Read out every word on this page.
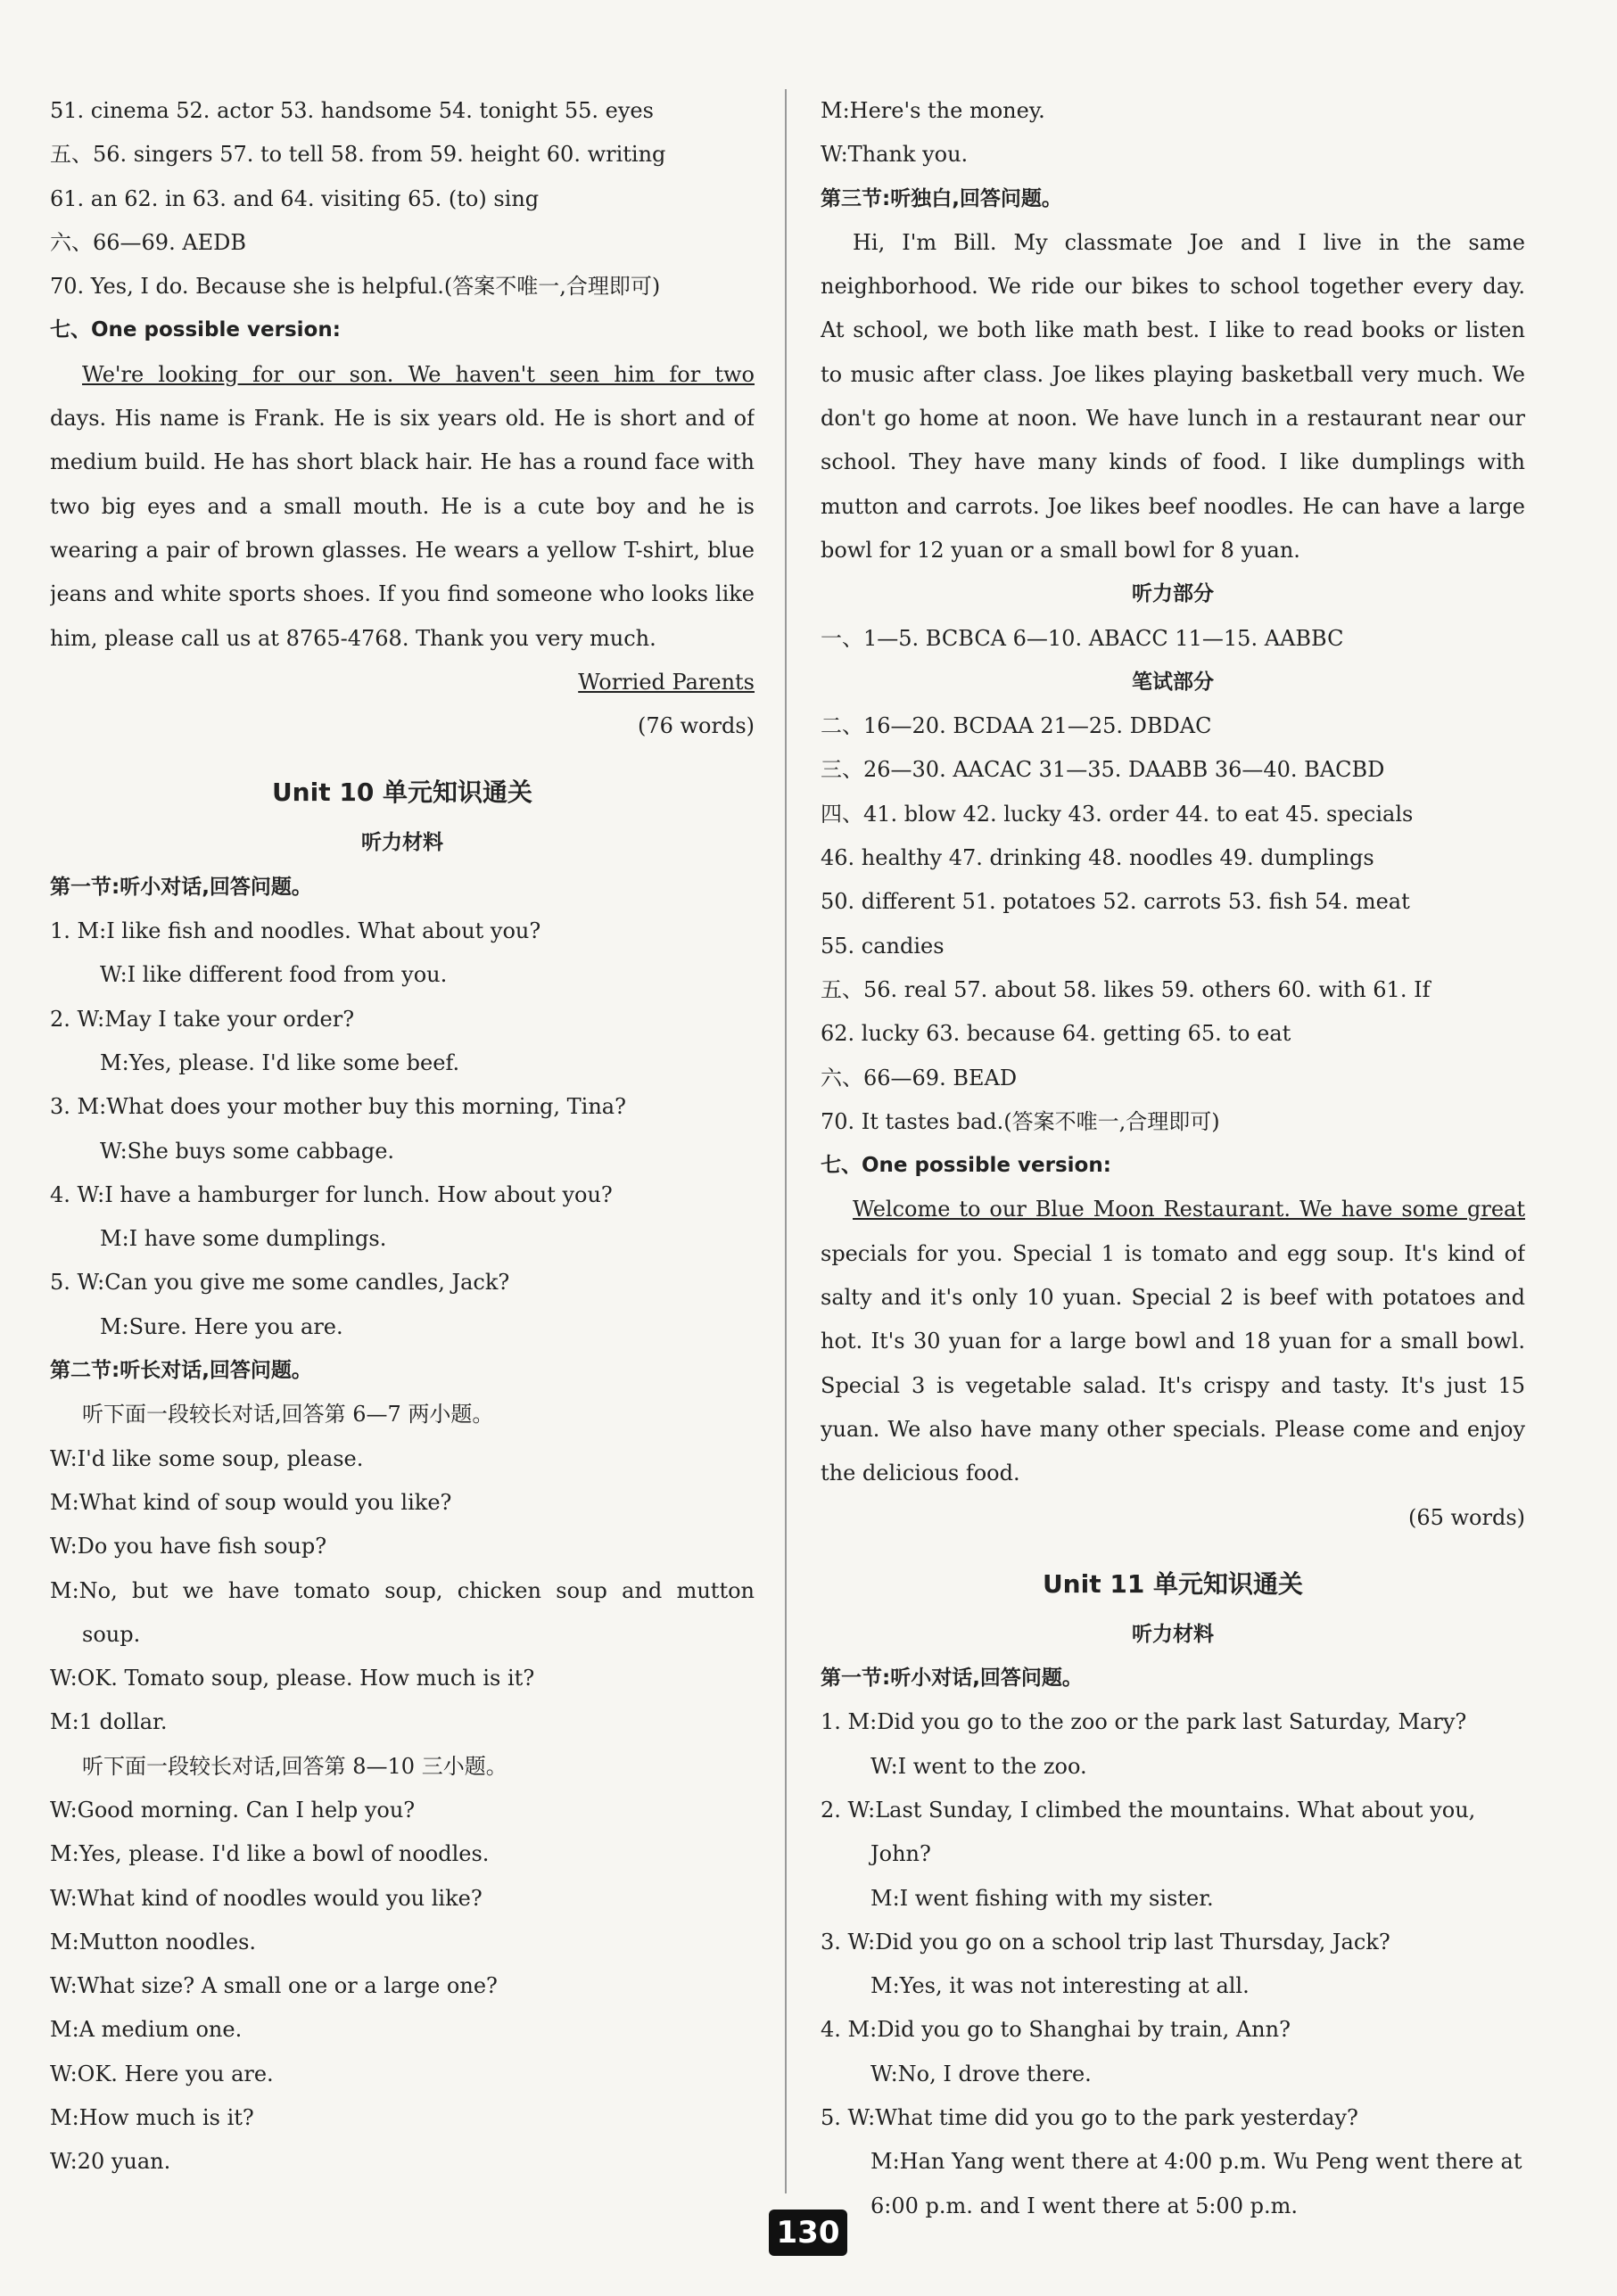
51. cinema 52. actor 53. handsome 54. tonight 55. eyes
五、56. singers 57. to tell 58. from 59. height 60. writing
61. an 62. in 63. and 64. visiting 65. (to) sing
六、66—69. AEDB
70. Yes, I do. Because she is helpful.(答案不唯一,合理即可)
七、One possible version:
We're looking for our son. We haven't seen him for two
days. His name is Frank. He is six years old. He is short and of
medium build. He has short black hair. He has a round face with
two big eyes and a small mouth. He is a cute boy and he is
wearing a pair of brown glasses. He wears a yellow T-shirt, blue
jeans and white sports shoes. If you find someone who looks like
him, please call us at 8765-4768. Thank you very much.
Worried Parents
(76 words)
Unit 10 单元知识通关
听力材料
第一节:听小对话,回答问题。
1. M:I like fish and noodles. What about you?
W:I like different food from you.
2. W:May I take your order?
M:Yes, please. I'd like some beef.
3. M:What does your mother buy this morning, Tina?
W:She buys some cabbage.
4. W:I have a hamburger for lunch. How about you?
M:I have some dumplings.
5. W:Can you give me some candles, Jack?
M:Sure. Here you are.
第二节:听长对话,回答问题。
听下面一段较长对话,回答第 6—7 两小题。
W:I'd like some soup, please.
M:What kind of soup would you like?
W:Do you have fish soup?
M:No, but we have tomato soup, chicken soup and mutton
soup.
W:OK. Tomato soup, please. How much is it?
M:1 dollar.
听下面一段较长对话,回答第 8—10 三小题。
W:Good morning. Can I help you?
M:Yes, please. I'd like a bowl of noodles.
W:What kind of noodles would you like?
M:Mutton noodles.
W:What size? A small one or a large one?
M:A medium one.
W:OK. Here you are.
M:How much is it?
W:20 yuan.
M:Here's the money.
W:Thank you.
第三节:听独白,回答问题。
Hi, I'm Bill. My classmate Joe and I live in the same
neighborhood. We ride our bikes to school together every day.
At school, we both like math best. I like to read books or listen
to music after class. Joe likes playing basketball very much. We
don't go home at noon. We have lunch in a restaurant near our
school. They have many kinds of food. I like dumplings with
mutton and carrots. Joe likes beef noodles. He can have a large
bowl for 12 yuan or a small bowl for 8 yuan.
听力部分
一、1—5. BCBCA 6—10. ABACC 11—15. AABBC
笔试部分
二、16—20. BCDAA 21—25. DBDAC
三、26—30. AACAC 31—35. DAABB 36—40. BACBD
四、41. blow 42. lucky 43. order 44. to eat 45. specials
46. healthy 47. drinking 48. noodles 49. dumplings
50. different 51. potatoes 52. carrots 53. fish 54. meat
55. candies
五、56. real 57. about 58. likes 59. others 60. with 61. If
62. lucky 63. because 64. getting 65. to eat
六、66—69. BEAD
70. It tastes bad.(答案不唯一,合理即可)
七、One possible version:
Welcome to our Blue Moon Restaurant. We have some great
specials for you. Special 1 is tomato and egg soup. It's kind of
salty and it's only 10 yuan. Special 2 is beef with potatoes and
hot. It's 30 yuan for a large bowl and 18 yuan for a small bowl.
Special 3 is vegetable salad. It's crispy and tasty. It's just 15
yuan. We also have many other specials. Please come and enjoy
the delicious food.
(65 words)
Unit 11 单元知识通关
听力材料
第一节:听小对话,回答问题。
1. M:Did you go to the zoo or the park last Saturday, Mary?
W:I went to the zoo.
2. W:Last Sunday, I climbed the mountains. What about you,
John?
M:I went fishing with my sister.
3. W:Did you go on a school trip last Thursday, Jack?
M:Yes, it was not interesting at all.
4. M:Did you go to Shanghai by train, Ann?
W:No, I drove there.
5. W:What time did you go to the park yesterday?
M:Han Yang went there at 4:00 p.m. Wu Peng went there at
6:00 p.m. and I went there at 5:00 p.m.
130
